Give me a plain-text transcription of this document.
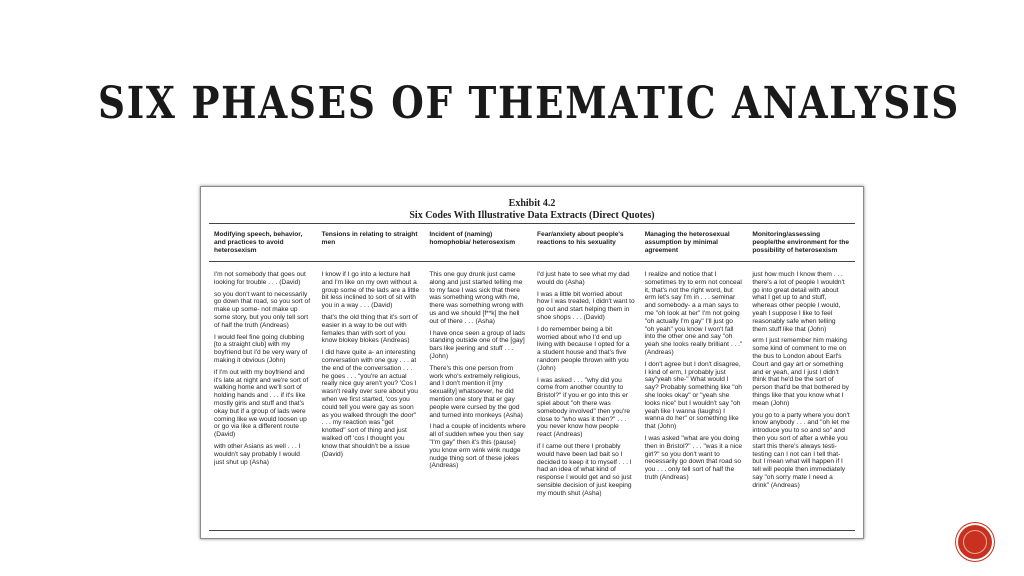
SIX PHASES OF THEMATIC ANALYSIS
Exhibit 4.2
Six Codes With Illustrative Data Extracts (Direct Quotes)
Modifying speech, behavior, and practices to avoid heterosexism

I'm not somebody that goes out looking for trouble . . . (David)

so you don't want to necessarily go down that road, so you sort of make up some- not make up some story, but you only tell sort of half the truth (Andreas)

I would feel fine going clubbing [to a straight club] with my boyfriend but I'd be very wary of making it obvious (John)

if I'm out with my boyfriend and it's late at night and we're sort of walking home and we'll sort of holding hands and . . . if it's like mostly girls and stuff and that's okay but if a group of lads were coming like we would loosen up or go via like a different route (David)

with other Asians as well . . . I wouldn't say probably I would just shut up (Asha)

Tensions in relating to straight men

I know if I go into a lecture hall and I'm like on my own without a group some of the lads are a little bit less inclined to sort of sit with you in a way . . . (David)

that's the old thing that it's sort of easier in a way to be out with females than with sort of you know blokey blokes (Andreas)

I did have quite a- an interesting conversation with one guy . . . at the end of the conversation . . . he goes . . . "you're an actual really nice guy aren't you? 'Cos I wasn't really over sure about you when we first started, 'cos you could tell you were gay as soon as you walked through the door" . . . my reaction was "get knotted" sort of thing and just walked off 'cos I thought you know that shouldn't be a issue (David)

Incident of (naming) homophobia/ heterosexism

This one guy drunk just came along and just started telling me to my face I was sick that there was something wrong with me, there was something wrong with us and we should [f**k] the hell out of there . . . (Asha)

I have once seen a group of lads standing outside one of the [gay] bars like jeering and stuff . . . (John)

There's this one person from work who's extremely religious, and I don't mention it [my sexuality] whatsoever, he did mention one story that er gay people were cursed by the god and turned into monkeys (Asha)

I had a couple of incidents where all of sudden whee you then say "I'm gay" then it's this (pause) you know erm wink wink nudge nudge thing sort of these jokes (Andreas)

Fear/anxiety about people's reactions to his sexuality

I'd just hate to see what my dad would do (Asha)

I was a little bit worried about how I was treated, I didn't want to go out and start helping them in shoe shops . . . (David)

I do remember being a bit worried about who I'd end up living with because I opted for a a student house and that's five random people thrown with you (John)

I was asked . . . "why did you come from another country to Bristol?" if you er go into this er spiel about "oh there was somebody involved" then you're close to "who was it then?" . . . you never know how people react (Andreas)

if I came out there I probably would have been lad bait so I decided to keep it to myself . . . I had an idea of what kind of response I would get and so just sensible decision of just keeping my mouth shut (Asha)

Managing the heterosexual assumption by minimal agreement

I realize and notice that I sometimes try to erm not conceal it, that's not the right word, but erm let's say I'm in . . . seminar and somebody- a a man says to me "oh look at her" I'm not going "oh actually I'm gay" I'll just go "oh yeah" you know I won't fall into the other one and say "oh yeah she looks really brilliant . . ." (Andreas)

I don't agree but I don't disagree, I kind of erm, I probably just say"yeah she-" What would I say? Probably something like "oh she looks okay" or "yeah she looks nice" but I wouldn't say "oh yeah like I wanna (laughs) I wanna do her" or something like that (John)

I was asked "what are you doing then in Bristol?" . . . "was it a nice girl?" so you don't want to necessarily go down that road so you . . . only tell sort of half the truth (Andreas)

Monitoring/assessing people/the environment for the possibility of heterosexism

just how much I know them . . . there's a lot of people I wouldn't go into great detail with about what I get up to and stuff, whereas other people I would, yeah I suppose I like to feel reasonably safe when telling them stuff like that (John)

erm I just remember him making some kind of comment to me on the bus to London about Earl's Court and gay art or something and er yeah, and I just I didn't think that he'd be the sort of person that'd be that bothered by things like that you know what I mean (John)

you go to a party where you don't know anybody . . . and "oh let me introduce you to so and so" and then you sort of after a while you start this there's always testi- testing can I not can I tell that- but I mean what will happen if I tell will people then immediately say "oh sorry mate I need a drink" (Andreas)
